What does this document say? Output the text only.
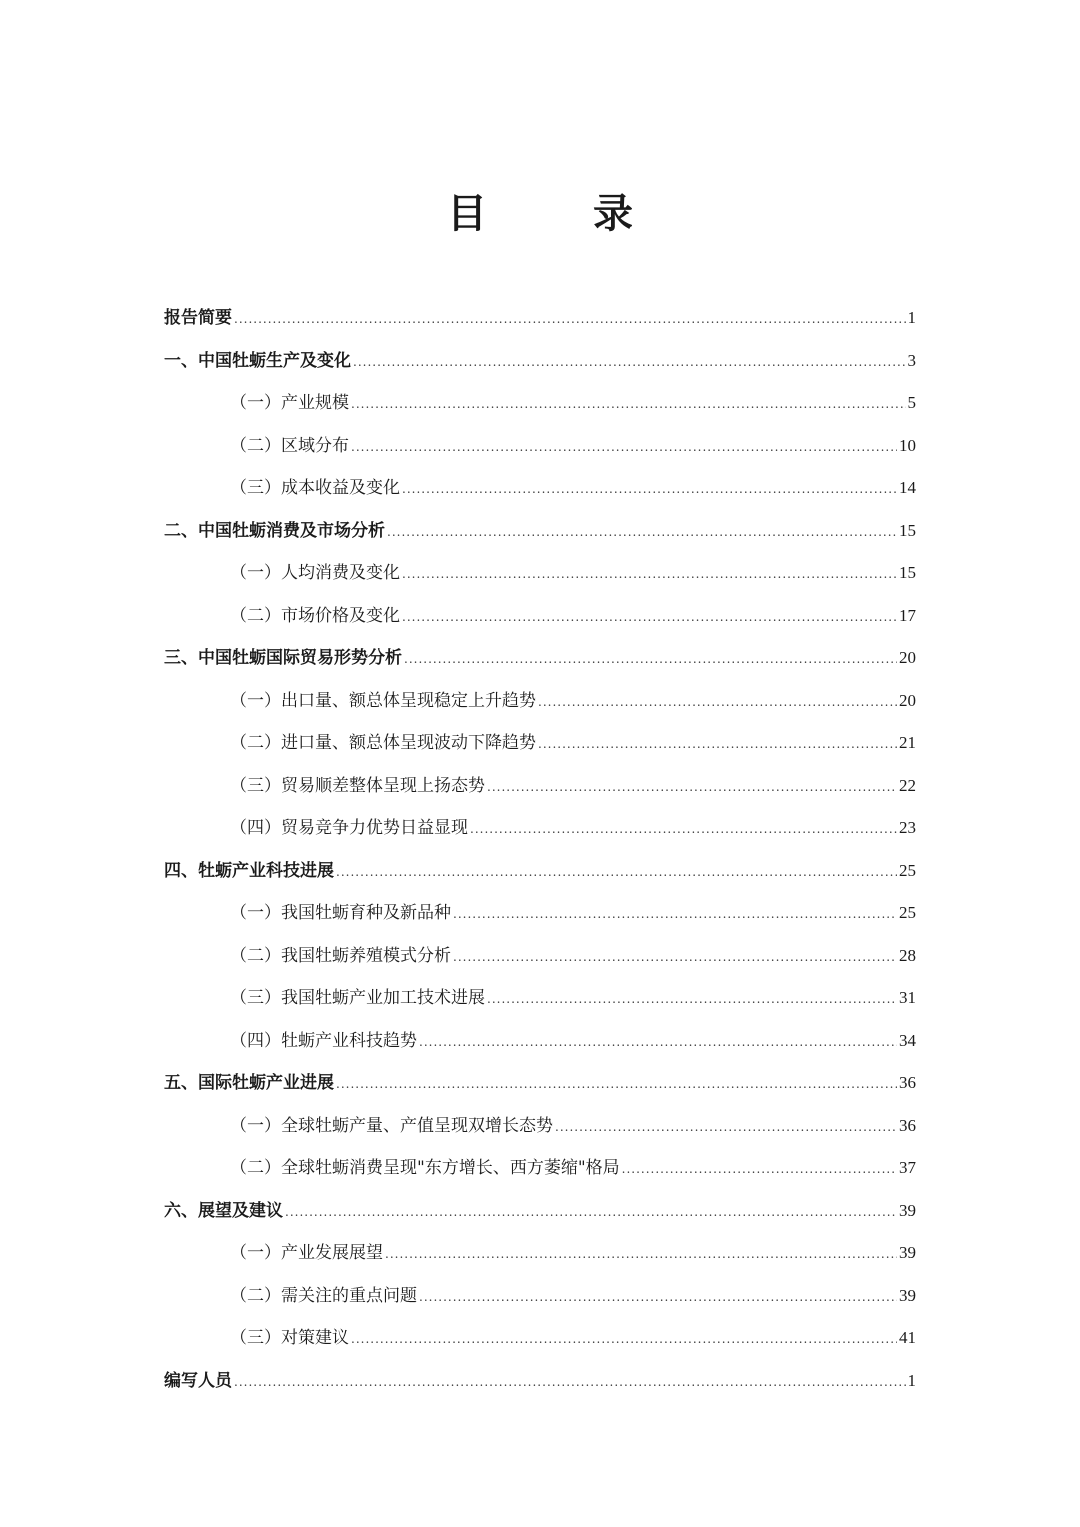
目 录
报告简要 .....	1
一、中国牡蛎生产及变化 .....	3
（一）产业规模 .....	5
（二）区域分布 .....	10
（三）成本收益及变化 .....	14
二、中国牡蛎消费及市场分析 .....	15
（一）人均消费及变化 .....	15
（二）市场价格及变化 .....	17
三、中国牡蛎国际贸易形势分析 .....	20
（一）出口量、额总体呈现稳定上升趋势 .....	20
（二）进口量、额总体呈现波动下降趋势 .....	21
（三）贸易顺差整体呈现上扬态势 .....	22
（四）贸易竞争力优势日益显现 .....	23
四、牡蛎产业科技进展 .....	25
（一）我国牡蛎育种及新品种 .....	25
（二）我国牡蛎养殖模式分析 .....	28
（三）我国牡蛎产业加工技术进展 .....	31
（四）牡蛎产业科技趋势 .....	34
五、国际牡蛎产业进展 .....	36
（一）全球牡蛎产量、产值呈现双增长态势 .....	36
（二）全球牡蛎消费呈现"东方增长、西方萎缩"格局 .....	37
六、展望及建议 .....	39
（一）产业发展展望 .....	39
（二）需关注的重点问题 .....	39
（三）对策建议 .....	41
编写人员 .....	1
